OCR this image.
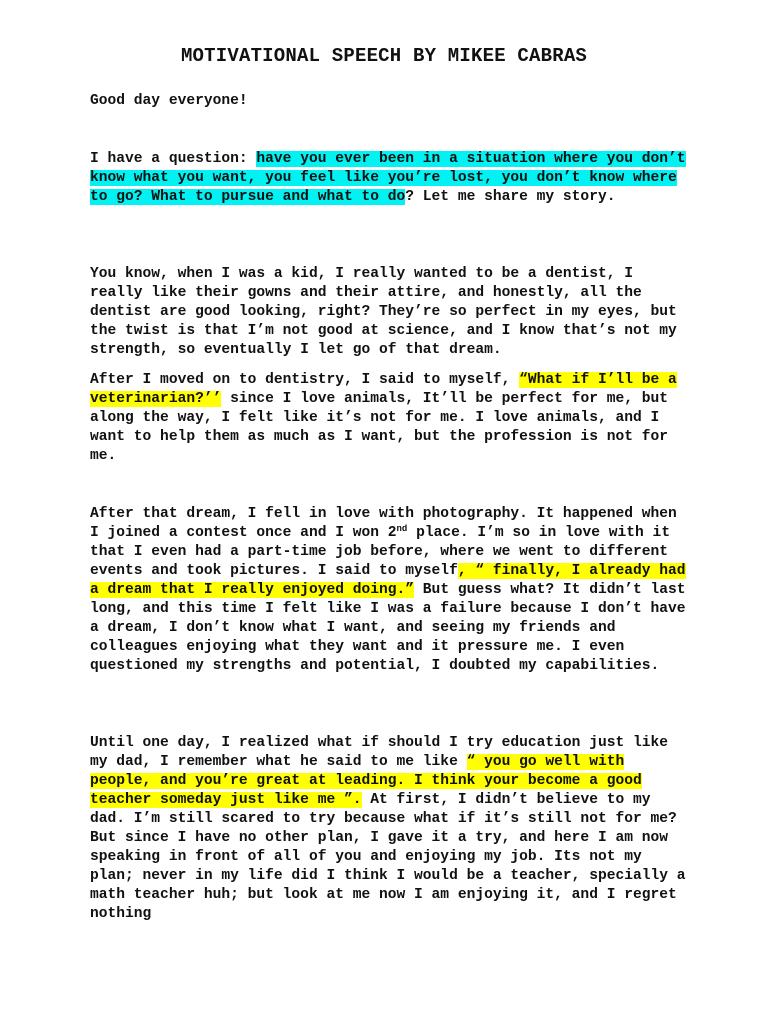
MOTIVATIONAL SPEECH BY MIKEE CABRAS

Good day everyone!

I have a question: have you ever been in a situation where you don’t know what you want, you feel like you’re lost, you don’t know where to go? What to pursue and what to do? Let me share my story.

You know, when I was a kid, I really wanted to be a dentist, I really like their gowns and their attire, and honestly, all the dentist are good looking, right? They’re so perfect in my eyes, but the twist is that I’m not good at science, and I know that’s not my strength, so eventually I let go of that dream.

After I moved on to dentistry, I said to myself, “What if I’ll be a veterinarian?’’ since I love animals, It’ll be perfect for me, but along the way, I felt like it’s not for me. I love animals, and I want to help them as much as I want, but the profession is not for me.

After that dream, I fell in love with photography. It happened when I joined a contest once and I won 2nd place. I’m so in love with it that I even had a part-time job before, where we went to different events and took pictures. I said to myself, “ finally, I already had a dream that I really enjoyed doing.” But guess what? It didn’t last long, and this time I felt like I was a failure because I don’t have a dream, I don’t know what I want, and seeing my friends and colleagues enjoying what they want and it pressure me. I even questioned my strengths and potential, I doubted my capabilities.

Until one day, I realized what if should I try education just like my dad, I remember what he said to me like “ you go well with people, and you’re great at leading. I think your become a good teacher someday just like me ”. At first, I didn’t believe to my dad. I’m still scared to try because what if it’s still not for me? But since I have no other plan, I gave it a try, and here I am now speaking in front of all of you and enjoying my job. Its not my plan; never in my life did I think I would be a teacher, specially a math teacher huh; but look at me now I am enjoying it, and I regret nothing
